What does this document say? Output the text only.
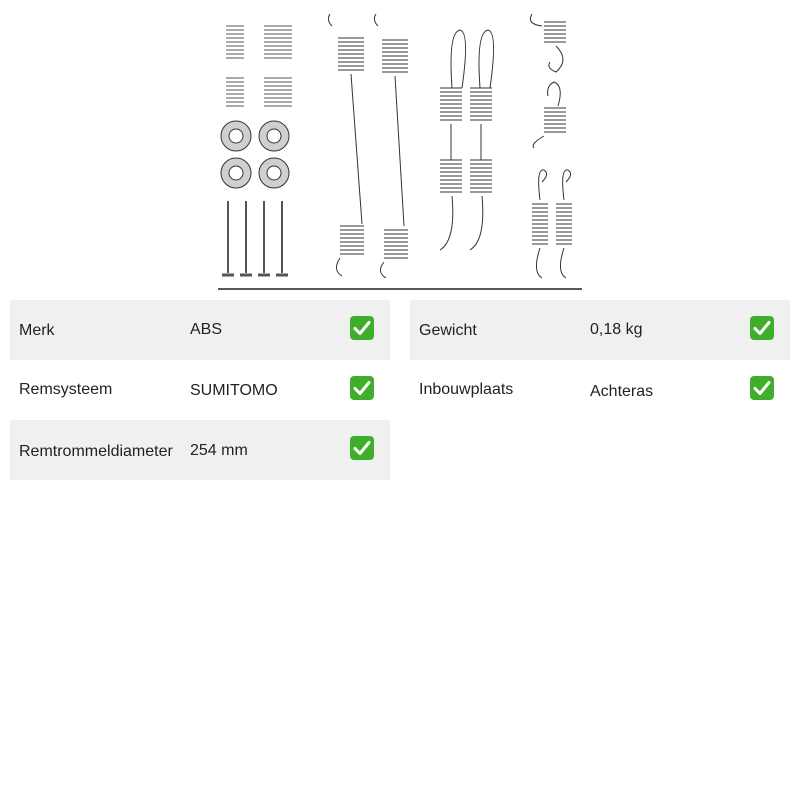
Merk	ABS
Remsysteem	SUMITOMO
Remtrommeldiameter 254 mm
Gewicht	0,18 kg
Inbouwplaats	Achteras
